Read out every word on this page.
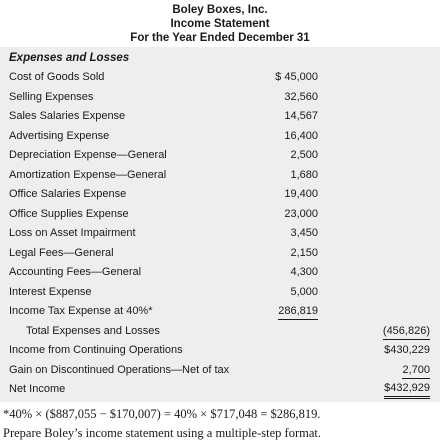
Boley Boxes, Inc.
Income Statement
For the Year Ended December 31
Expenses and Losses
Cost of Goods Sold	$ 45,000
Selling Expenses	32,560
Sales Salaries Expense	14,567
Advertising Expense	16,400
Depreciation Expense—General	2,500
Amortization Expense—General	1,680
Office Salaries Expense	19,400
Office Supplies Expense	23,000
Loss on Asset Impairment	3,450
Legal Fees—General	2,150
Accounting Fees—General	4,300
Interest Expense	5,000
Income Tax Expense at 40%*	286,819
Total Expenses and Losses	(456,826)
Income from Continuing Operations	$430,229
Gain on Discontinued Operations—Net of tax	2,700
Net Income	$432,929
*40% × ($887,055 − $170,007) = 40% × $717,048 = $286,819.
Prepare Boley’s income statement using a multiple-step format.
